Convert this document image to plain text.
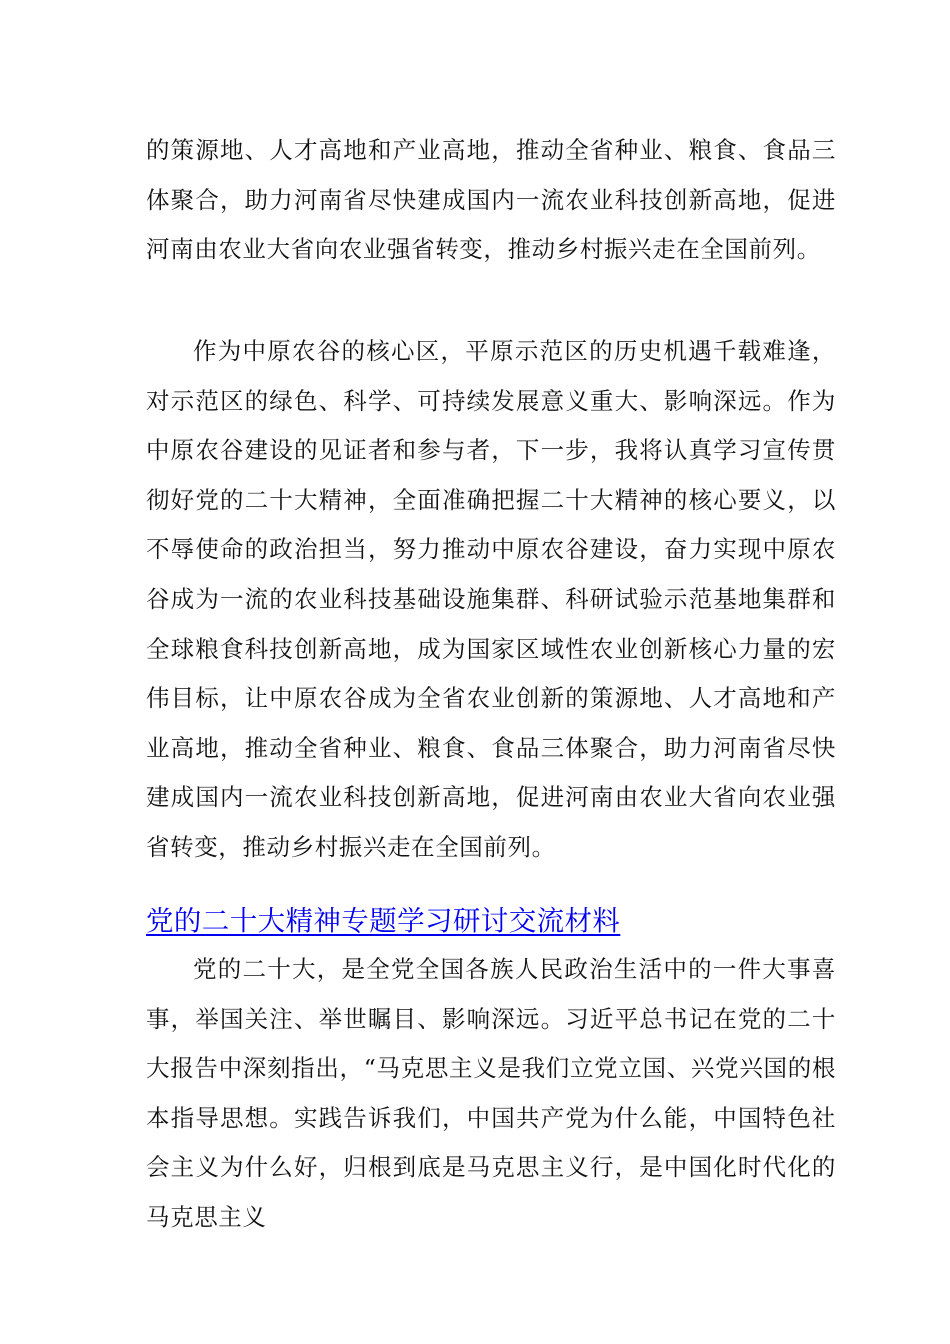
的策源地、人才高地和产业高地，推动全省种业、粮食、食品三体聚合，助力河南省尽快建成国内一流农业科技创新高地，促进河南由农业大省向农业强省转变，推动乡村振兴走在全国前列。

作为中原农谷的核心区，平原示范区的历史机遇千载难逢，对示范区的绿色、科学、可持续发展意义重大、影响深远。作为中原农谷建设的见证者和参与者，下一步，我将认真学习宣传贯彻好党的二十大精神，全面准确把握二十大精神的核心要义，以不辱使命的政治担当，努力推动中原农谷建设，奋力实现中原农谷成为一流的农业科技基础设施集群、科研试验示范基地集群和全球粮食科技创新高地，成为国家区域性农业创新核心力量的宏伟目标，让中原农谷成为全省农业创新的策源地、人才高地和产业高地，推动全省种业、粮食、食品三体聚合，助力河南省尽快建成国内一流农业科技创新高地，促进河南由农业大省向农业强省转变，推动乡村振兴走在全国前列。

党的二十大精神专题学习研讨交流材料

党的二十大，是全党全国各族人民政治生活中的一件大事喜事，举国关注、举世瞩目、影响深远。习近平总书记在党的二十大报告中深刻指出，“马克思主义是我们立党立国、兴党兴国的根本指导思想。实践告诉我们，中国共产党为什么能，中国特色社会主义为什么好，归根到底是马克思主义行，是中国化时代化的马克思主义
